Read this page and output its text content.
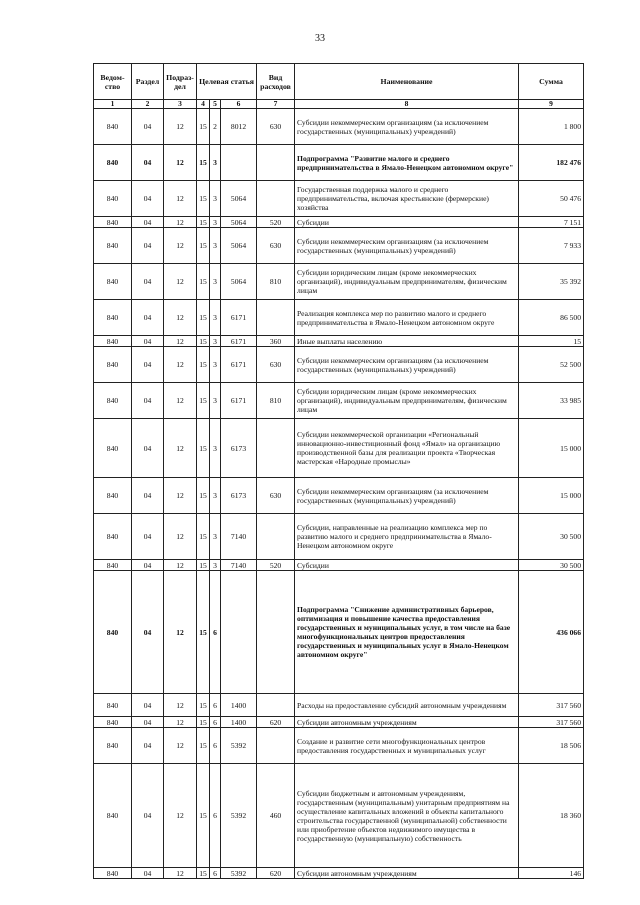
33
Ведом-ство	Раздел	Подраз-дел	Целевая статья			Вид расходов	Наименование	Сумма
1	2	3	4	5	6	7	8	9
840	04	12	15	2	8012	630	Субсидии некоммерческим организациям (за исключением государственных (муниципальных) учреждений)	1 800
840	04	12	15	3			Подпрограмма "Развитие малого и среднего предпринимательства в Ямало-Ненецком автономном округе"	182 476
840	04	12	15	3	5064		Государственная поддержка малого и среднего предпринимательства, включая крестьянские (фермерские) хозяйства	50 476
840	04	12	15	3	5064	520	Субсидии	7 151
840	04	12	15	3	5064	630	Субсидии некоммерческим организациям (за исключением государственных (муниципальных) учреждений)	7 933
840	04	12	15	3	5064	810	Субсидии юридическим лицам (кроме некоммерческих организаций), индивидуальным предпринимателям, физическим лицам	35 392
840	04	12	15	3	6171		Реализация комплекса мер по развитию малого и среднего предпринимательства в Ямало-Ненецком автономном округе	86 500
840	04	12	15	3	6171	360	Иные выплаты населению	15
840	04	12	15	3	6171	630	Субсидии некоммерческим организациям (за исключением государственных (муниципальных) учреждений)	52 500
840	04	12	15	3	6171	810	Субсидии юридическим лицам (кроме некоммерческих организаций), индивидуальным предпринимателям, физическим лицам	33 985
840	04	12	15	3	6173		Субсидии некоммерческой организации «Региональный инновационно-инвестиционный фонд «Ямал» на организацию производственной базы для реализации проекта «Творческая мастерская «Народные промыслы»	15 000
840	04	12	15	3	6173	630	Субсидии некоммерческим организациям (за исключением государственных (муниципальных) учреждений)	15 000
840	04	12	15	3	7140		Субсидии, направленные на реализацию комплекса мер по развитию малого и среднего предпринимательства в Ямало-Ненецком автономном округе	30 500
840	04	12	15	3	7140	520	Субсидии	30 500
840	04	12	15	6			Подпрограмма "Снижение административных барьеров, оптимизация и повышение качества предоставления государственных и муниципальных услуг, в том числе на базе многофункциональных центров предоставления государственных и муниципальных услуг в Ямало-Ненецком автономном округе"	436 066
840	04	12	15	6	1400		Расходы на предоставление субсидий автономным учреждениям	317 560
840	04	12	15	6	1400	620	Субсидии автономным учреждениям	317 560
840	04	12	15	6	5392		Создание и развитие сети многофункциональных центров предоставления государственных и муниципальных услуг	18 506
840	04	12	15	6	5392	460	Субсидии бюджетным и автономным учреждениям, государственным (муниципальным) унитарным предприятиям на осуществление капитальных вложений в объекты капитального строительства государственной (муниципальной) собственности или приобретение объектов недвижимого имущества в государственную (муниципальную) собственность	18 360
840	04	12	15	6	5392	620	Субсидии автономным учреждениям	146
